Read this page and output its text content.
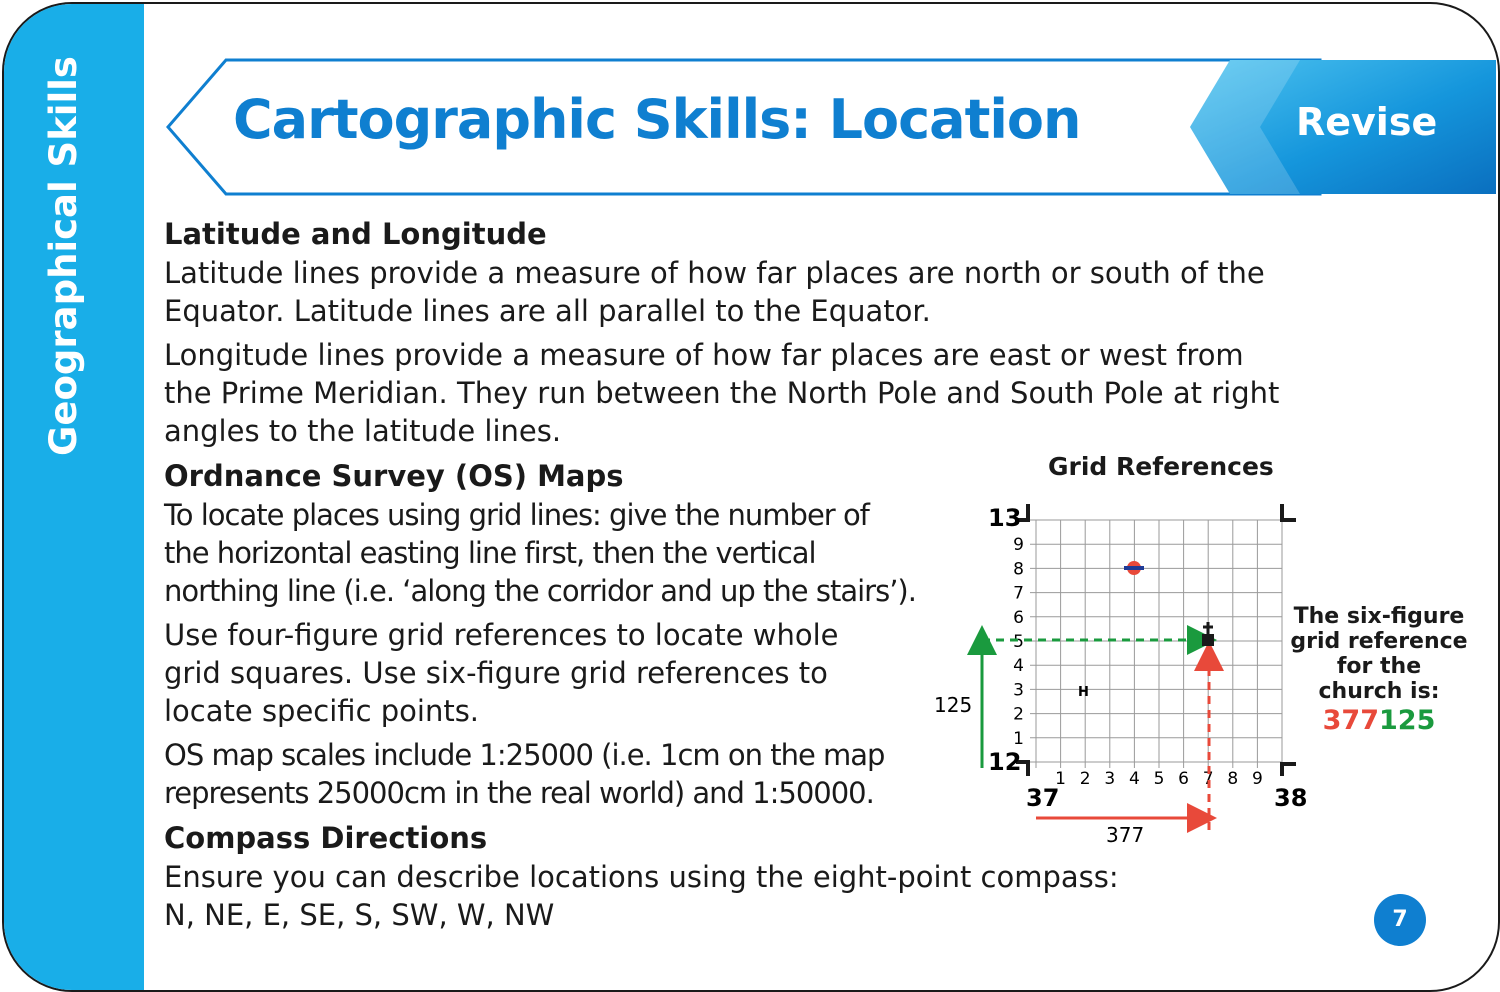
Geographical Skills	Cartographic Skills: Location	Revise

Latitude and Longitude

Latitude lines provide a measure of how far places are north or south of the
Equator. Latitude lines are all parallel to the Equator.

Longitude lines provide a measure of how far places are east or west from
the Prime Meridian. They run between the North Pole and South Pole at right
angles to the latitude lines.

Ordnance Survey (OS) Maps

To locate places using grid lines: give the number of
the horizontal easting line first, then the vertical
northing line (i.e. ‘along the corridor and up the stairs’).

Use four-figure grid references to locate whole
grid squares. Use six-figure grid references to
locate specific points.

OS map scales include 1:25000 (i.e. 1cm on the map
represents 25000cm in the real world) and 1:50000.

Compass Directions

Ensure you can describe locations using the eight-point compass:
N, NE, E, SE, S, SW, W, NW

Grid References
1
2
3
4
5
6
7
8
9
1 2 3 4 5 6 7 8 9
13
12
37	38
125
377
H
The six-figure
grid reference
for the
church is:
377125
7
